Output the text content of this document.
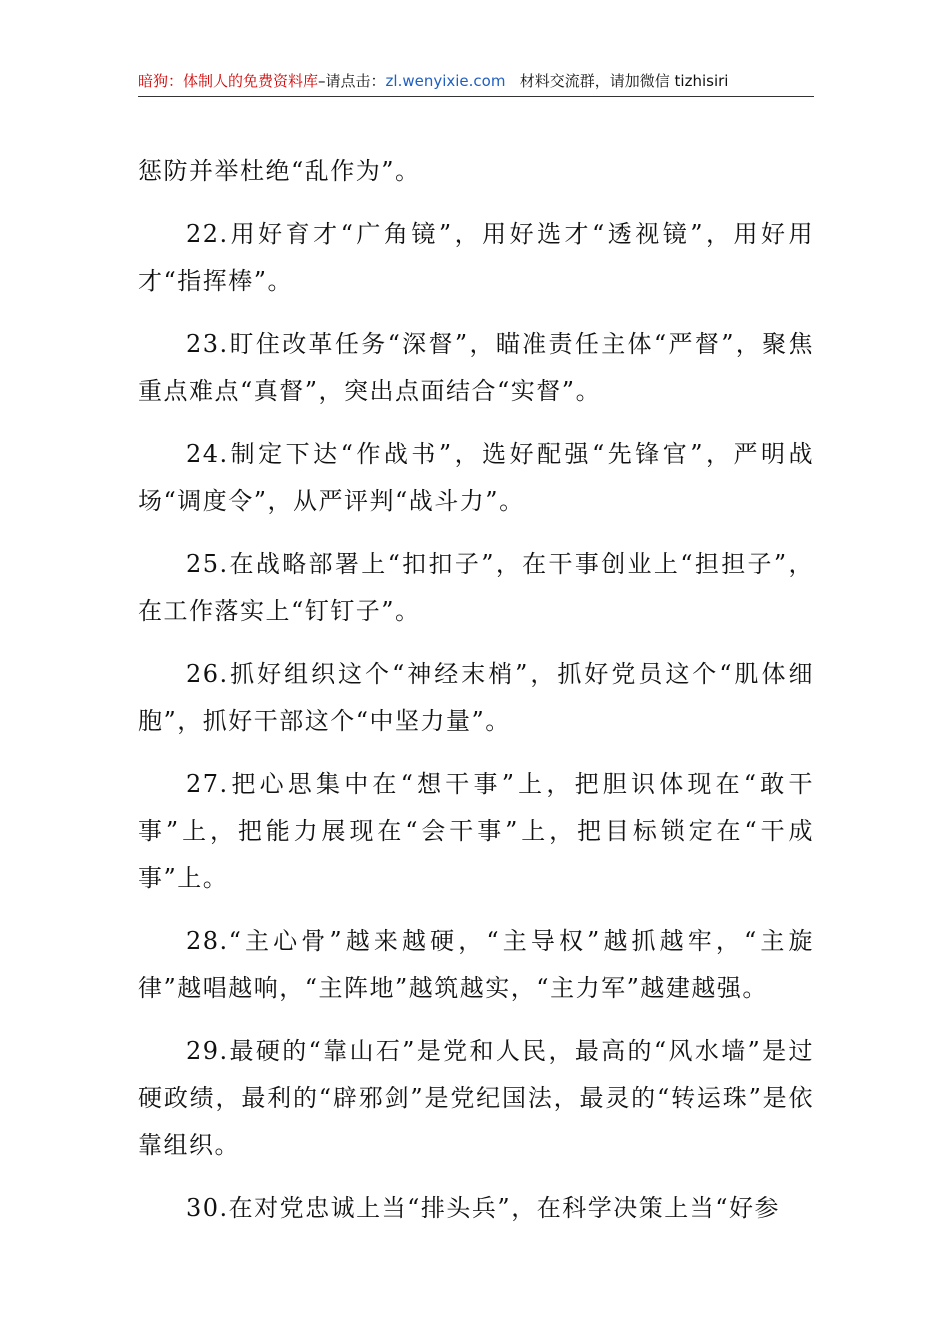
暗狗：体制人的免费资料库–请点击：zl.wenyixie.com 材料交流群，请加微信 tizhisiri

惩防并举杜绝“乱作为”。

22.用好育才“广角镜”，用好选才“透视镜”，用好用才“指挥棒”。

23.盯住改革任务“深督”，瞄准责任主体“严督”，聚焦重点难点“真督”，突出点面结合“实督”。

24.制定下达“作战书”，选好配强“先锋官”，严明战场“调度令”，从严评判“战斗力”。

25.在战略部署上“扣扣子”，在干事创业上“担担子”，在工作落实上“钉钉子”。

26.抓好组织这个“神经末梢”，抓好党员这个“肌体细胞”，抓好干部这个“中坚力量”。

27.把心思集中在“想干事”上，把胆识体现在“敢干事”上，把能力展现在“会干事”上，把目标锁定在“干成事”上。

28.“主心骨”越来越硬，“主导权”越抓越牢，“主旋律”越唱越响，“主阵地”越筑越实，“主力军”越建越强。

29.最硬的“靠山石”是党和人民，最高的“风水墙”是过硬政绩，最利的“辟邪剑”是党纪国法，最灵的“转运珠”是依靠组织。

30.在对党忠诚上当“排头兵”，在科学决策上当“好参
